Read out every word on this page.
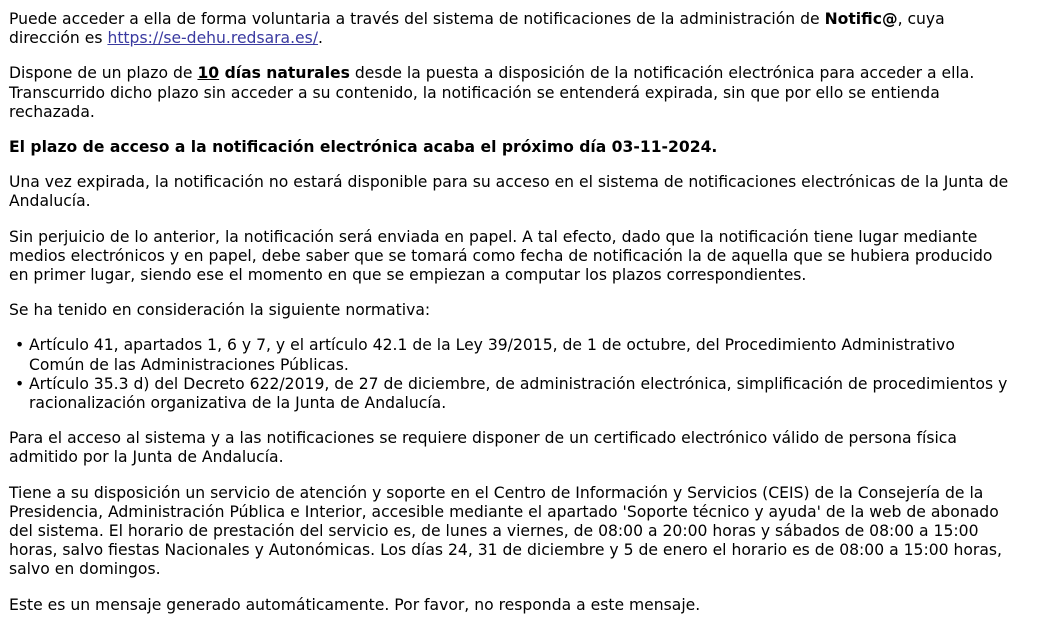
Puede acceder a ella de forma voluntaria a través del sistema de notificaciones de la administración de Notific@, cuya dirección es https://se-dehu.redsara.es/.

Dispone de un plazo de 10 días naturales desde la puesta a disposición de la notificación electrónica para acceder a ella. Transcurrido dicho plazo sin acceder a su contenido, la notificación se entenderá expirada, sin que por ello se entienda rechazada.

El plazo de acceso a la notificación electrónica acaba el próximo día 03-11-2024.

Una vez expirada, la notificación no estará disponible para su acceso en el sistema de notificaciones electrónicas de la Junta de Andalucía.

Sin perjuicio de lo anterior, la notificación será enviada en papel. A tal efecto, dado que la notificación tiene lugar mediante medios electrónicos y en papel, debe saber que se tomará como fecha de notificación la de aquella que se hubiera producido en primer lugar, siendo ese el momento en que se empiezan a computar los plazos correspondientes.

Se ha tenido en consideración la siguiente normativa:

• Artículo 41, apartados 1, 6 y 7, y el artículo 42.1 de la Ley 39/2015, de 1 de octubre, del Procedimiento Administrativo Común de las Administraciones Públicas.
• Artículo 35.3 d) del Decreto 622/2019, de 27 de diciembre, de administración electrónica, simplificación de procedimientos y racionalización organizativa de la Junta de Andalucía.

Para el acceso al sistema y a las notificaciones se requiere disponer de un certificado electrónico válido de persona física admitido por la Junta de Andalucía.

Tiene a su disposición un servicio de atención y soporte en el Centro de Información y Servicios (CEIS) de la Consejería de la Presidencia, Administración Pública e Interior, accesible mediante el apartado 'Soporte técnico y ayuda' de la web de abonado del sistema. El horario de prestación del servicio es, de lunes a viernes, de 08:00 a 20:00 horas y sábados de 08:00 a 15:00 horas, salvo fiestas Nacionales y Autonómicas. Los días 24, 31 de diciembre y 5 de enero el horario es de 08:00 a 15:00 horas, salvo en domingos.

Este es un mensaje generado automáticamente. Por favor, no responda a este mensaje.
